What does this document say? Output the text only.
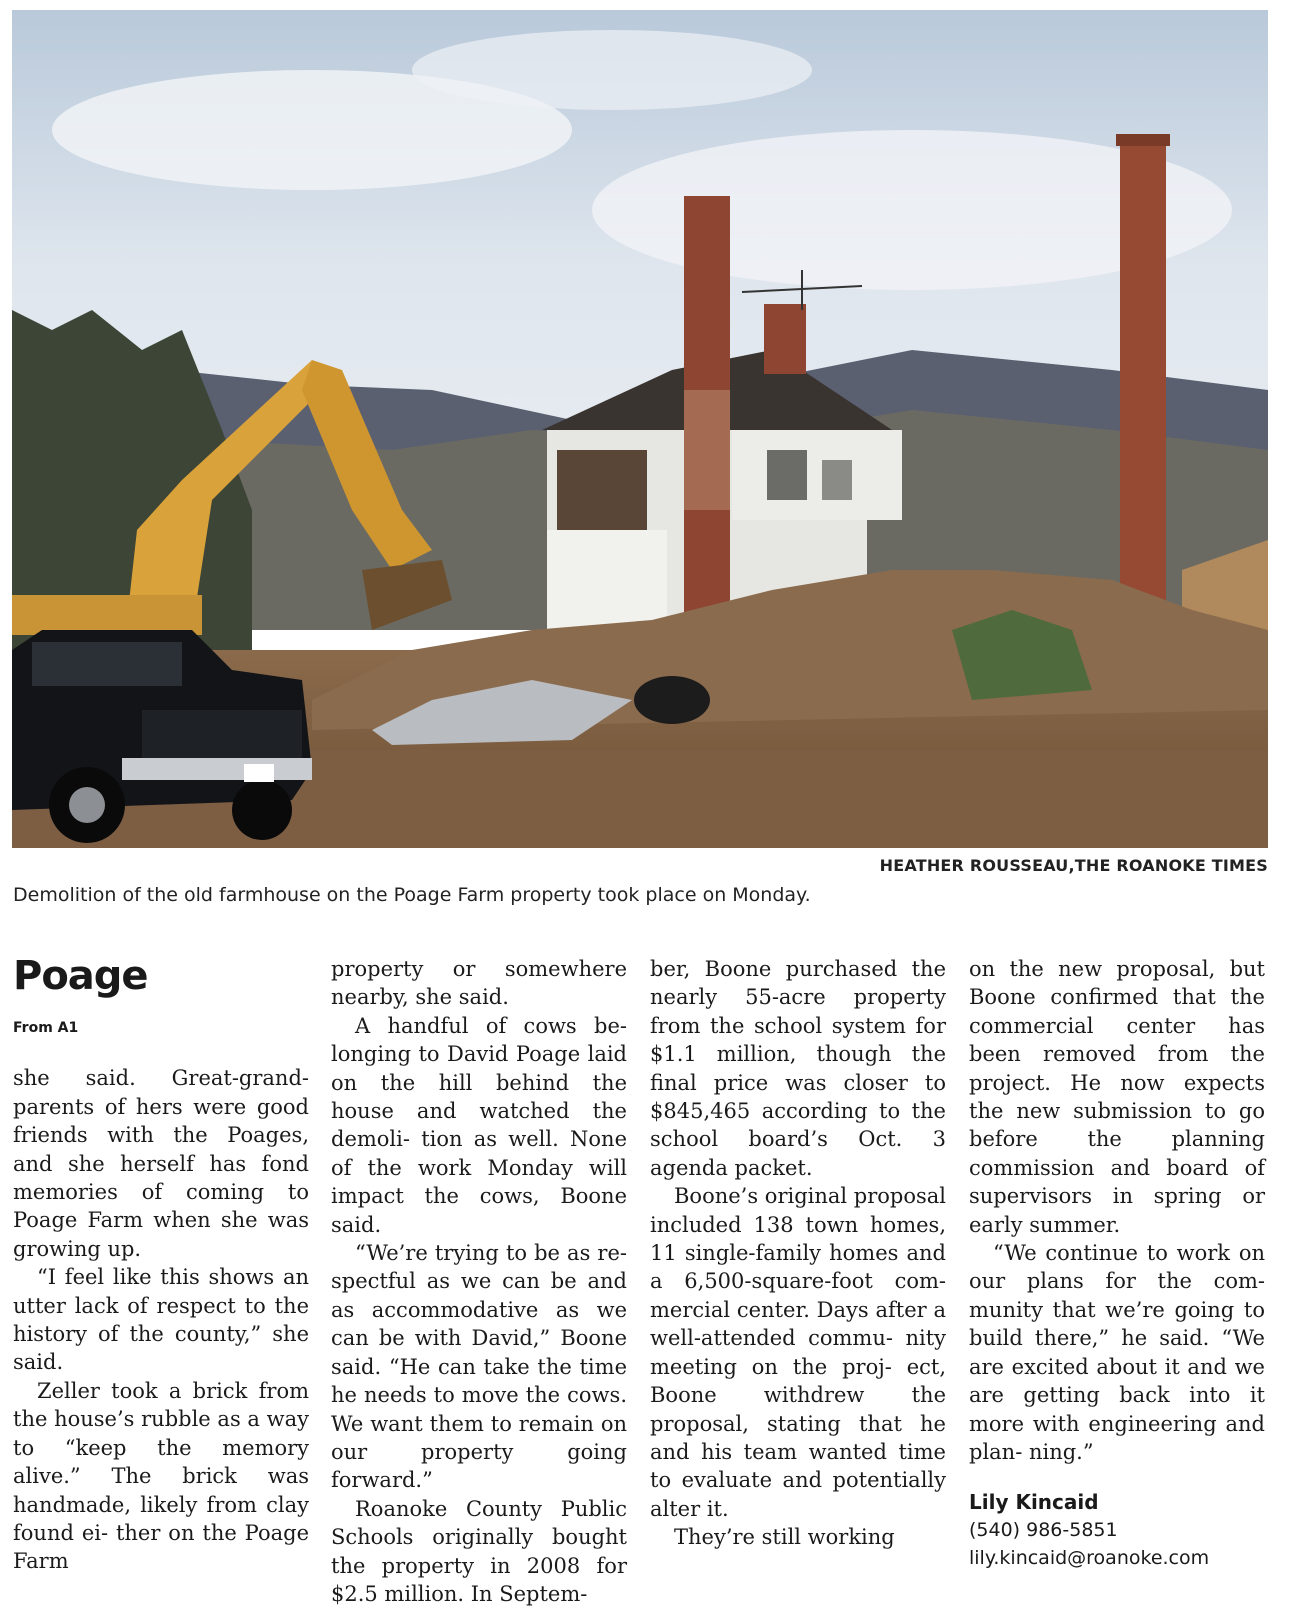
HEATHER ROUSSEAU,THE ROANOKE TIMES
Demolition of the old farmhouse on the Poage Farm property took place on Monday.
Poage
From A1

she said. Great-grand- parents of hers were good friends with the Poages, and she herself has fond memories of coming to Poage Farm when she was growing up.

“I feel like this shows an utter lack of respect to the history of the county,” she said.

Zeller took a brick from the house’s rubble as a way to “keep the memory alive.” The brick was handmade, likely from clay found ei- ther on the Poage Farm

property or somewhere nearby, she said.

A handful of cows be- longing to David Poage laid on the hill behind the house and watched the demoli- tion as well. None of the work Monday will impact the cows, Boone said.

“We’re trying to be as re- spectful as we can be and as accommodative as we can be with David,” Boone said. “He can take the time he needs to move the cows. We want them to remain on our property going forward.”

Roanoke County Public Schools originally bought the property in 2008 for $2.5 million. In Septem-

ber, Boone purchased the nearly 55-acre property from the school system for $1.1 million, though the final price was closer to $845,465 according to the school board’s Oct. 3 agenda packet.

Boone’s original proposal included 138 town homes, 11 single-family homes and a 6,500-square-foot com- mercial center. Days after a well-attended commu- nity meeting on the proj- ect, Boone withdrew the proposal, stating that he and his team wanted time to evaluate and potentially alter it.

They’re still working

on the new proposal, but Boone confirmed that the commercial center has been removed from the project. He now expects the new submission to go before the planning commission and board of supervisors in spring or early summer.

“We continue to work on our plans for the com- munity that we’re going to build there,” he said. “We are excited about it and we are getting back into it more with engineering and plan- ning.”

Lily Kincaid
(540) 986-5851
lily.kincaid@roanoke.com
